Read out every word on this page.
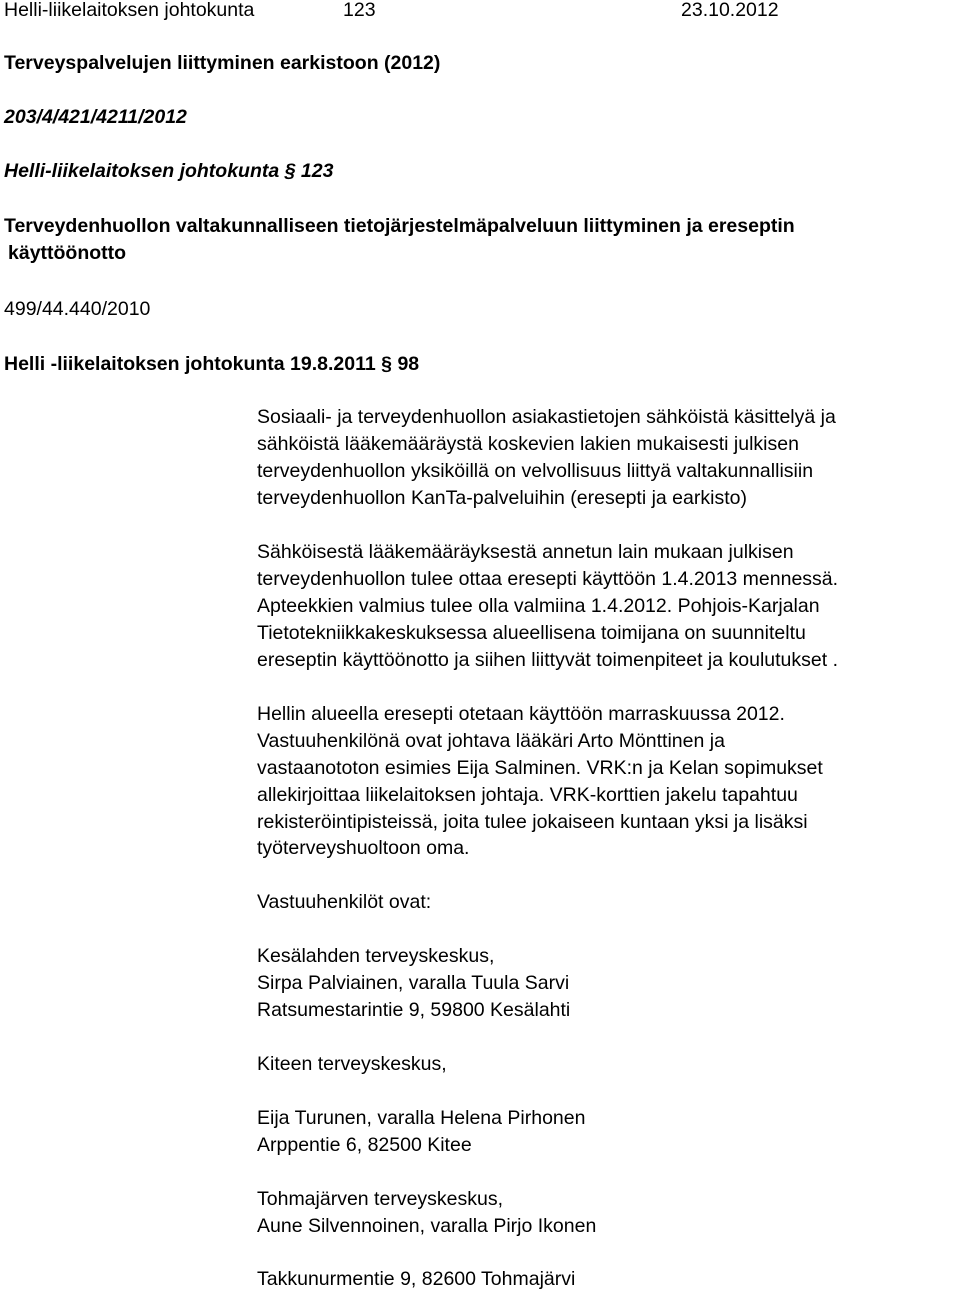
Helli-liikelaitoksen johtokunta	123	23.10.2012
Terveyspalvelujen liittyminen earkistoon (2012)
203/4/421/4211/2012
Helli-liikelaitoksen johtokunta § 123
Terveydenhuollon valtakunnalliseen tietojärjestelmäpalveluun liittyminen ja ereseptin
käyttöönotto
499/44.440/2010
Helli -liikelaitoksen johtokunta 19.8.2011 § 98
Sosiaali- ja terveydenhuollon asiakastietojen sähköistä käsittelyä ja
sähköistä lääkemääräystä koskevien lakien mukaisesti julkisen
terveydenhuollon yksiköillä on velvollisuus liittyä valtakunnallisiin
terveydenhuollon KanTa-palveluihin (eresepti ja earkisto)
Sähköisestä lääkemääräyksestä annetun lain mukaan julkisen
terveydenhuollon tulee ottaa eresepti käyttöön 1.4.2013 mennessä.
Apteekkien valmius tulee olla valmiina 1.4.2012. Pohjois-Karjalan
Tietotekniikkakeskuksessa alueellisena toimijana on suunniteltu
ereseptin käyttöönotto ja siihen liittyvät toimenpiteet ja koulutukset .
Hellin alueella eresepti otetaan käyttöön marraskuussa 2012.
Vastuuhenkilönä ovat johtava lääkäri Arto Mönttinen ja
vastaanototon esimies Eija Salminen. VRK:n ja Kelan sopimukset
allekirjoittaa liikelaitoksen johtaja. VRK-korttien jakelu tapahtuu
rekisteröintipisteissä, joita tulee jokaiseen kuntaan yksi ja lisäksi
työterveyshuoltoon oma.
Vastuuhenkilöt ovat:
Kesälahden terveyskeskus,
Sirpa Palviainen, varalla Tuula Sarvi
Ratsumestarintie 9, 59800 Kesälahti
Kiteen terveyskeskus,
Eija Turunen, varalla Helena Pirhonen
Arppentie 6, 82500 Kitee
Tohmajärven terveyskeskus,
Aune Silvennoinen, varalla Pirjo Ikonen
Takkunurmentie 9, 82600 Tohmajärvi
